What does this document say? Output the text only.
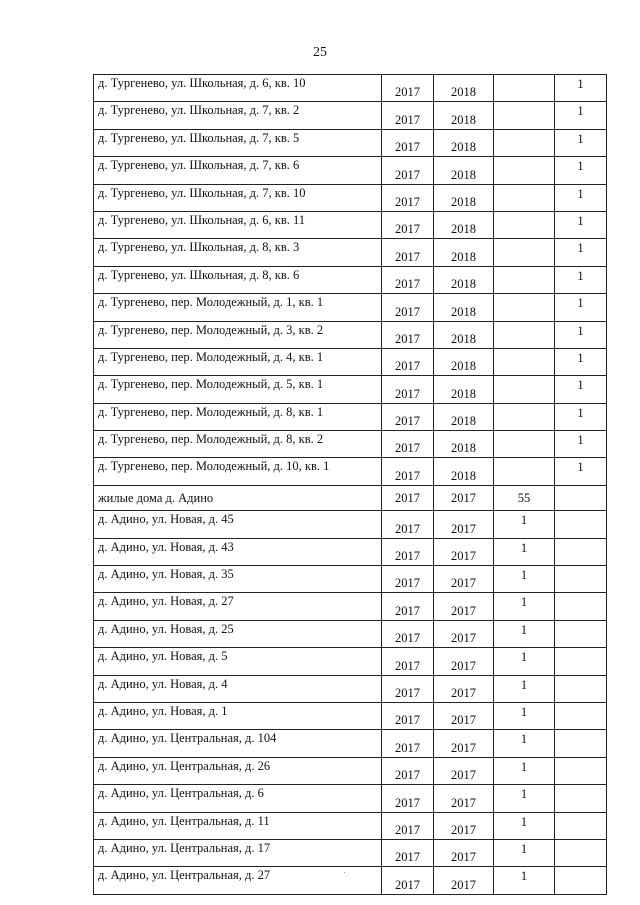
25
д. Тургенево, ул. Школьная, д. 6, кв. 10	2017	2018		1
д. Тургенево, ул. Школьная, д. 7, кв. 2	2017	2018		1
д. Тургенево, ул. Школьная, д. 7, кв. 5	2017	2018		1
д. Тургенево, ул. Школьная, д. 7, кв. 6	2017	2018		1
д. Тургенево, ул. Школьная, д. 7, кв. 10	2017	2018		1
д. Тургенево, ул. Школьная, д. 6, кв. 11	2017	2018		1
д. Тургенево, ул. Школьная, д. 8, кв. 3	2017	2018		1
д. Тургенево, ул. Школьная, д. 8, кв. 6	2017	2018		1
д. Тургенево, пер. Молодежный, д. 1, кв. 1	2017	2018		1
д. Тургенево, пер. Молодежный, д. 3, кв. 2	2017	2018		1
д. Тургенево, пер. Молодежный, д. 4, кв. 1	2017	2018		1
д. Тургенево, пер. Молодежный, д. 5, кв. 1	2017	2018		1
д. Тургенево, пер. Молодежный, д. 8, кв. 1	2017	2018		1
д. Тургенево, пер. Молодежный, д. 8, кв. 2	2017	2018		1
д. Тургенево, пер. Молодежный, д. 10, кв. 1	2017	2018		1
жилые дома д. Адино	2017	2017	55	
д. Адино, ул. Новая, д. 45	2017	2017	1	
д. Адино, ул. Новая, д. 43	2017	2017	1	
д. Адино, ул. Новая, д. 35	2017	2017	1	
д. Адино, ул. Новая, д. 27	2017	2017	1	
д. Адино, ул. Новая, д. 25	2017	2017	1	
д. Адино, ул. Новая, д. 5	2017	2017	1	
д. Адино, ул. Новая, д. 4	2017	2017	1	
д. Адино, ул. Новая, д. 1	2017	2017	1	
д. Адино, ул. Центральная, д. 104	2017	2017	1	
д. Адино, ул. Центральная, д. 26	2017	2017	1	
д. Адино, ул. Центральная, д. 6	2017	2017	1	
д. Адино, ул. Центральная, д. 11	2017	2017	1	
д. Адино, ул. Центральная, д. 17	2017	2017	1	
д. Адино, ул. Центральная, д. 27	2017	2017	1	
